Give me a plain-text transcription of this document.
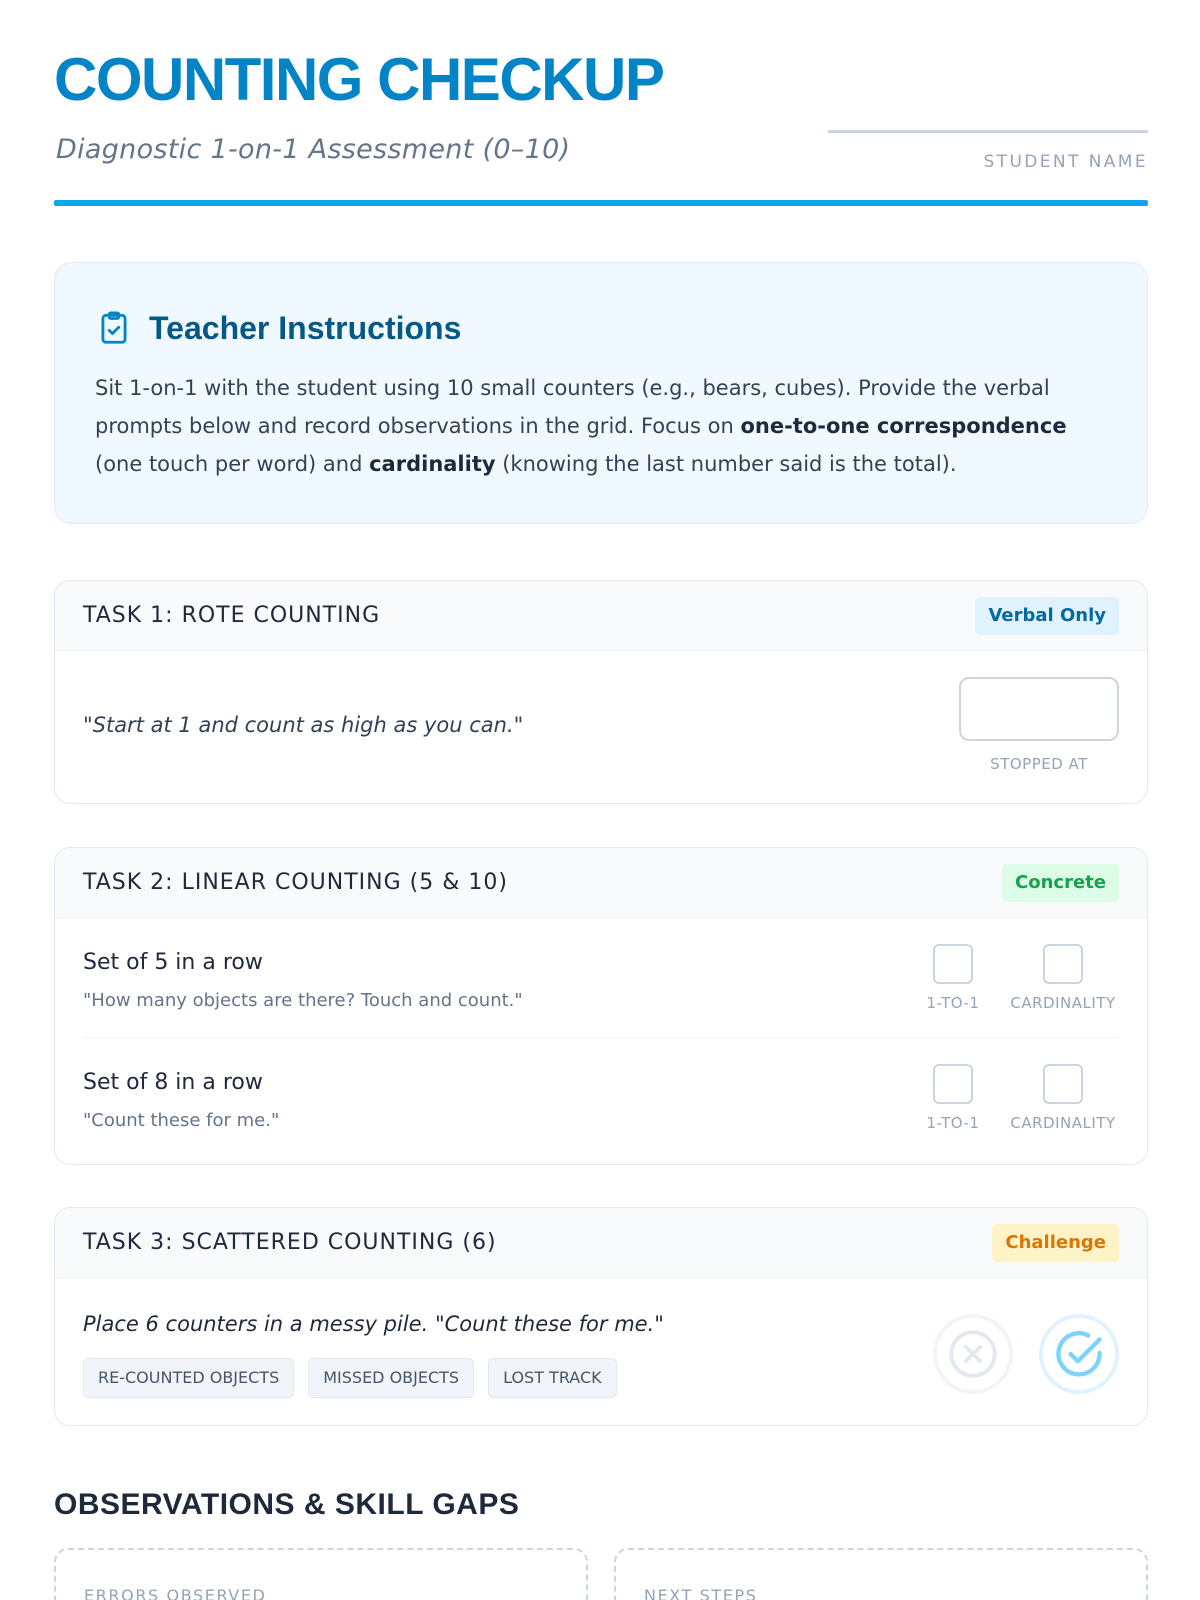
COUNTING CHECKUP
Diagnostic 1-on-1 Assessment (0–10)	STUDENT NAME
Teacher Instructions

Sit 1-on-1 with the student using 10 small counters (e.g., bears, cubes). Provide the verbal prompts below and record observations in the grid. Focus on one-to-one correspondence (one touch per word) and cardinality (knowing the last number said is the total).

TASK 1: ROTE COUNTING	Verbal Only
"Start at 1 and count as high as you can."
STOPPED AT
TASK 2: LINEAR COUNTING (5 & 10)	Concrete
Set of 5 in a row
"How many objects are there? Touch and count."	1-TO-1 CARDINALITY
Set of 8 in a row
"Count these for me."	1-TO-1 CARDINALITY
TASK 3: SCATTERED COUNTING (6)	Challenge
Place 6 counters in a messy pile. "Count these for me."
RE-COUNTED OBJECTS	MISSED OBJECTS	LOST TRACK
OBSERVATIONS & SKILL GAPS
ERRORS OBSERVED	NEXT STEPS
